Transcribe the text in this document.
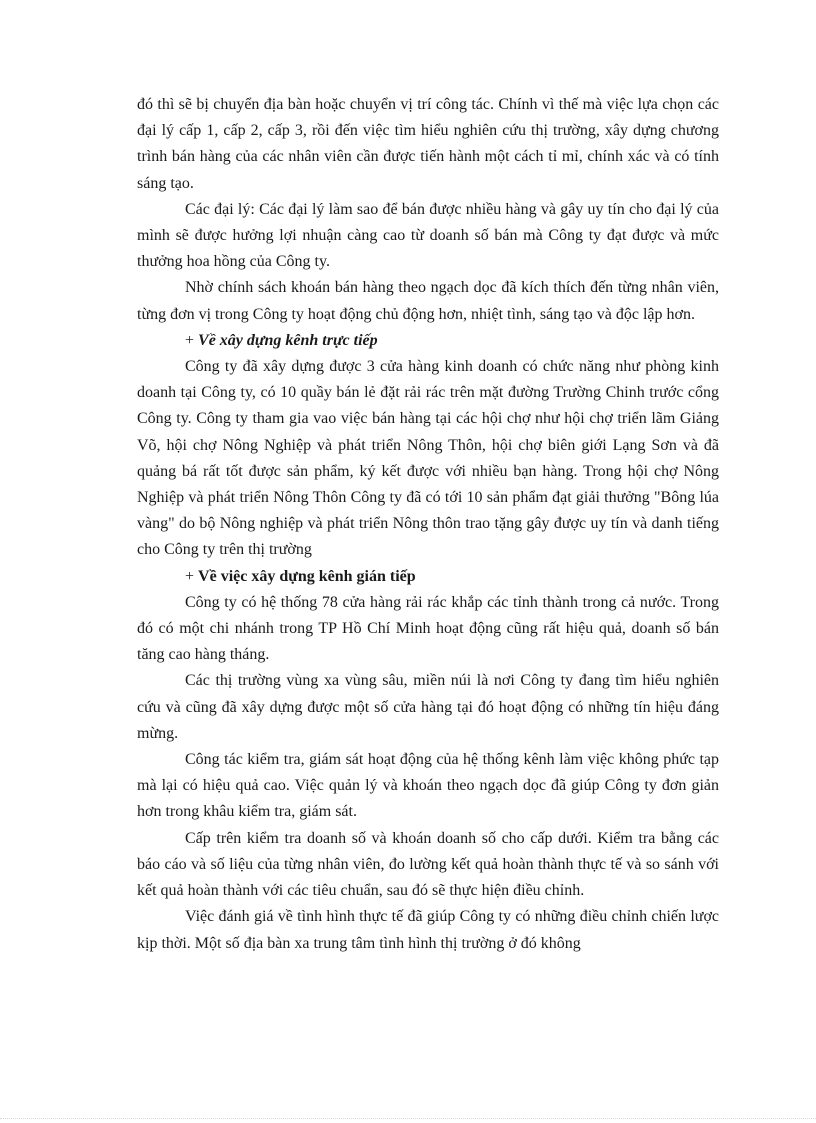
đó thì sẽ bị chuyển địa bàn hoặc chuyển vị trí công tác. Chính vì thế mà việc lựa chọn các đại lý cấp 1, cấp 2, cấp 3, rồi đến việc tìm hiểu nghiên cứu thị trường, xây dựng chương trình bán hàng của các nhân viên cần được tiến hành một cách tỉ mỉ, chính xác và có tính sáng tạo.

Các đại lý: Các đại lý làm sao để bán được nhiều hàng và gây uy tín cho đại lý của mình sẽ được hưởng lợi nhuận càng cao từ doanh số bán mà Công ty đạt được và mức thưởng hoa hồng của Công ty.

Nhờ chính sách khoán bán hàng theo ngạch dọc đã kích thích đến từng nhân viên, từng đơn vị trong Công ty hoạt động chủ động hơn, nhiệt tình, sáng tạo và độc lập hơn.

+ Về xây dựng kênh trực tiếp

Công ty đã xây dựng được 3 cửa hàng kinh doanh có chức năng như phòng kinh doanh tại Công ty, có 10 quầy bán lẻ đặt rải rác trên mặt đường Trường Chinh trước cổng Công ty. Công ty tham gia vao việc bán hàng tại các hội chợ như hội chợ triển lãm Giảng Võ, hội chợ Nông Nghiệp và phát triển Nông Thôn, hội chợ biên giới Lạng Sơn và đã quảng bá rất tốt được sản phẩm, ký kết được với nhiều bạn hàng. Trong hội chợ Nông Nghiệp và phát triển Nông Thôn Công ty đã có tới 10 sản phẩm đạt giải thưởng "Bông lúa vàng" do bộ Nông nghiệp và phát triển Nông thôn trao tặng gây được uy tín và danh tiếng cho Công ty trên thị trường

+ Về việc xây dựng kênh gián tiếp

Công ty có hệ thống 78 cửa hàng rải rác khắp các tỉnh thành trong cả nước. Trong đó có một chi nhánh trong TP Hồ Chí Minh hoạt động cũng rất hiệu quả, doanh số bán tăng cao hàng tháng.

Các thị trường vùng xa vùng sâu, miền núi là nơi Công ty đang tìm hiểu nghiên cứu và cũng đã xây dựng được một số cửa hàng tại đó hoạt động có những tín hiệu đáng mừng.

Công tác kiểm tra, giám sát hoạt động của hệ thống kênh làm việc không phức tạp mà lại có hiệu quả cao. Việc quản lý và khoán theo ngạch dọc đã giúp Công ty đơn giản hơn trong khâu kiểm tra, giám sát.

Cấp trên kiểm tra doanh số và khoán doanh số cho cấp dưới. Kiểm tra bằng các báo cáo và số liệu của từng nhân viên, đo lường kết quả hoàn thành thực tế và so sánh với kết quả hoàn thành với các tiêu chuẩn, sau đó sẽ thực hiện điều chỉnh.

Việc đánh giá về tình hình thực tế đã giúp Công ty có những điều chỉnh chiến lược kịp thời. Một số địa bàn xa trung tâm tình hình thị trường ở đó không
